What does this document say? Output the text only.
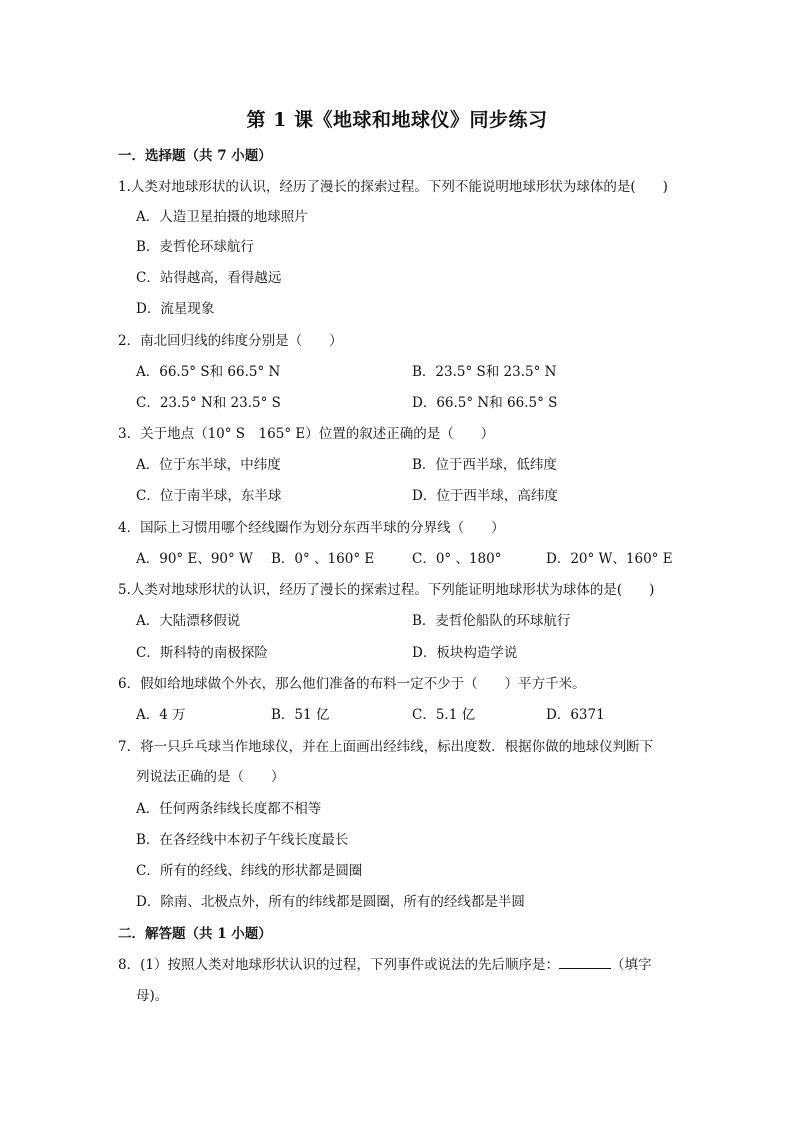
第 1 课《地球和地球仪》同步练习
一．选择题（共 7 小题）
1.人类对地球形状的认识，经历了漫长的探索过程。下列不能说明地球形状为球体的是(　　)
A．人造卫星拍摄的地球照片
B．麦哲伦环球航行
C．站得越高，看得越远
D．流星现象
2．南北回归线的纬度分别是（　　）
A．66.5° S和 66.5° N	B．23.5° S和 23.5° N
C．23.5° N和 23.5° S	D．66.5° N和 66.5° S
3．关于地点（10° S　165° E）位置的叙述正确的是（　　）
A．位于东半球，中纬度	B．位于西半球，低纬度
C．位于南半球，东半球	D．位于西半球，高纬度
4．国际上习惯用哪个经线圈作为划分东西半球的分界线（　　）
A．90° E、90° W B．0° 、160° E	C．0° 、180°	D．20° W、160° E
5.人类对地球形状的认识，经历了漫长的探索过程。下列能证明地球形状为球体的是(　　)
A．大陆漂移假说	B．麦哲伦船队的环球航行
C．斯科特的南极探险	D．板块构造学说
6．假如给地球做个外衣，那么他们准备的布料一定不少于（　　）平方千米。
A．4 万	B．51 亿	C．5.1 亿	D．6371
7．将一只乒乓球当作地球仪，并在上面画出经纬线，标出度数．根据你做的地球仪判断下
列说法正确的是（　　）
A．任何两条纬线长度都不相等
B．在各经线中本初子午线长度最长
C．所有的经线、纬线的形状都是圆圈
D．除南、北极点外，所有的纬线都是圆圈，所有的经线都是半圆
二．解答题（共 1 小题）
8．(1）按照人类对地球形状认识的过程，下列事件或说法的先后顺序是：	（填字
母)。
